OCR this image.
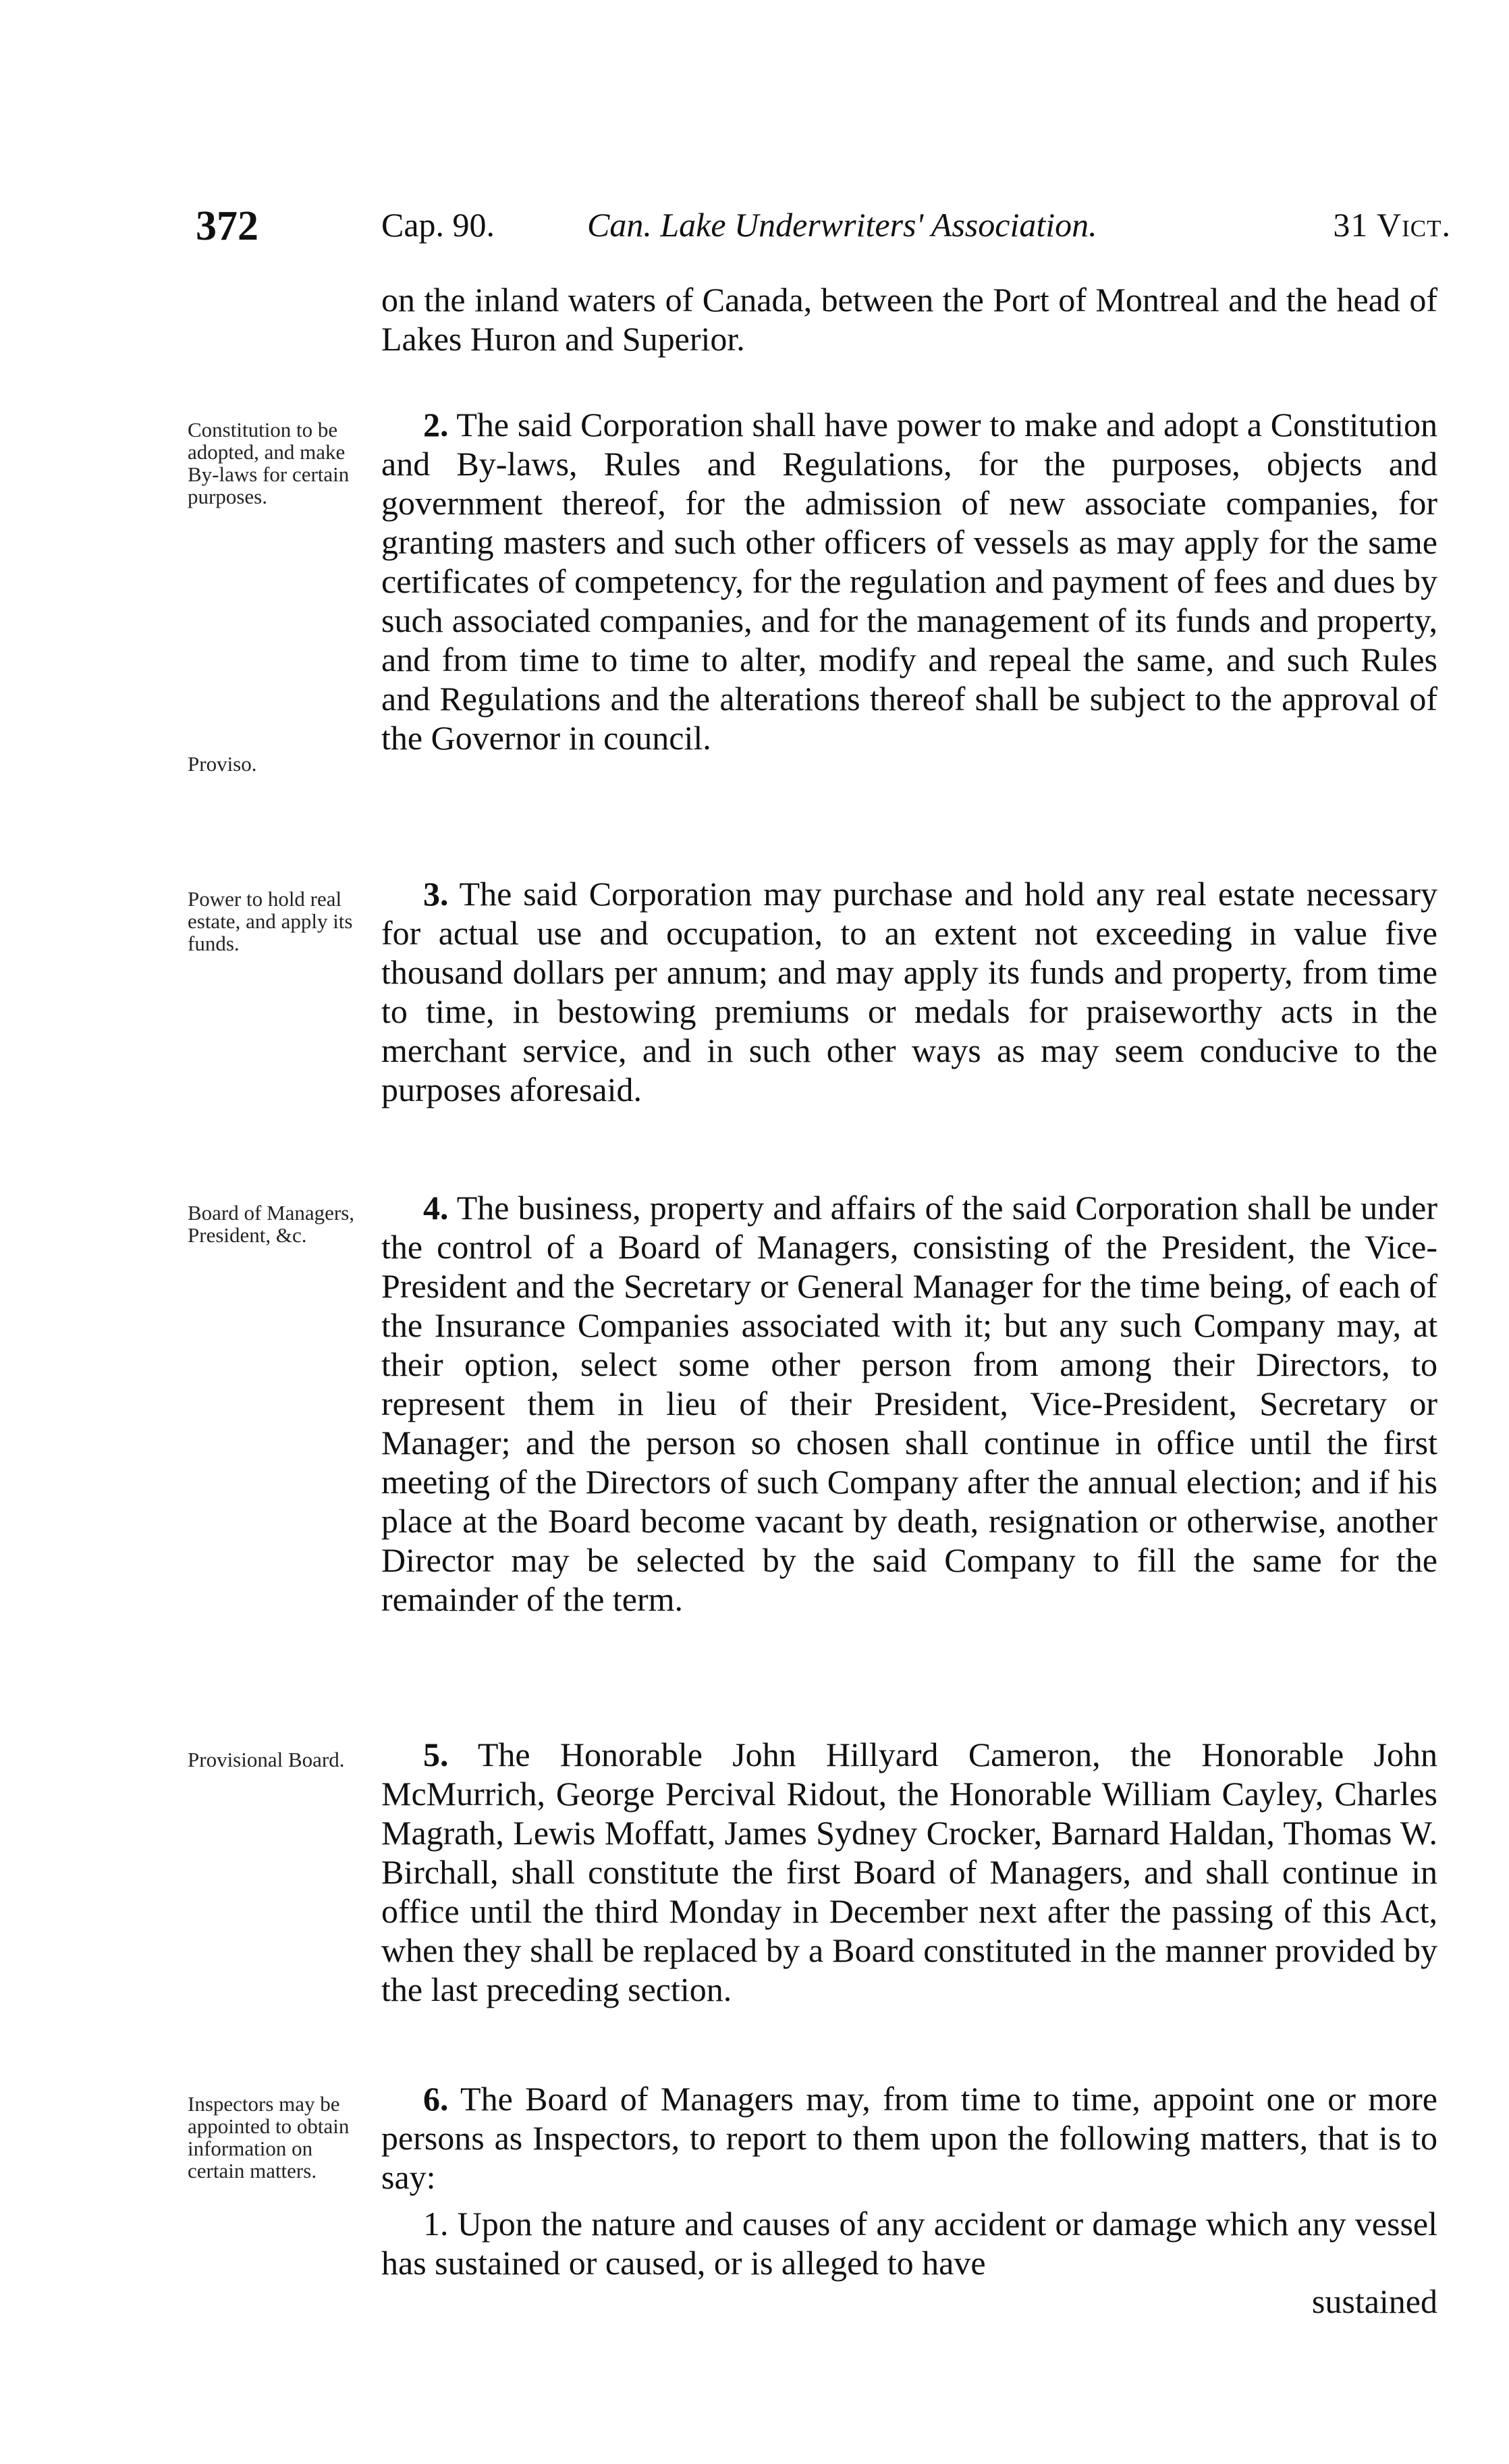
372	Cap. 90.	Can. Lake Underwriters' Association.	31 Vict.

on the inland waters of Canada, between the Port of Montreal and the head of Lakes Huron and Superior.

Constitution to be adopted, and make By-laws for certain purposes.

2. The said Corporation shall have power to make and adopt a Constitution and By-laws, Rules and Regulations, for the purposes, objects and government thereof, for the admission of new associate companies, for granting masters and such other officers of vessels as may apply for the same certificates of competency, for the regulation and payment of fees and dues by such associated companies, and for the management of its funds and property, and from time to time to alter, modify and repeal the same, and such Rules and Regulations and the alterations thereof shall be subject to the approval of the Governor in council.

Proviso.
Power to hold real estate, and apply its funds.

3. The said Corporation may purchase and hold any real estate necessary for actual use and occupation, to an extent not exceeding in value five thousand dollars per annum; and may apply its funds and property, from time to time, in bestowing premiums or medals for praiseworthy acts in the merchant service, and in such other ways as may seem conducive to the purposes aforesaid.

Board of Managers, President, &c.

4. The business, property and affairs of the said Corporation shall be under the control of a Board of Managers, consisting of the President, the Vice-President and the Secretary or General Manager for the time being, of each of the Insurance Companies associated with it; but any such Company may, at their option, select some other person from among their Directors, to represent them in lieu of their President, Vice-President, Secretary or Manager; and the person so chosen shall continue in office until the first meeting of the Directors of such Company after the annual election; and if his place at the Board become vacant by death, resignation or otherwise, another Director may be selected by the said Company to fill the same for the remainder of the term.

Provisional Board.	5. The Honorable John Hillyard Cameron, the Honorable John McMurrich, George Percival Ridout, the Honorable William Cayley, Charles Magrath, Lewis Moffatt, James Sydney Crocker, Barnard Haldan, Thomas W. Birchall, shall constitute the first Board of Managers, and shall continue in office until the third Monday in December next after the passing of this Act, when they shall be replaced by a Board constituted in the manner provided by the last preceding section.

Inspectors may be appointed to obtain information on certain matters.

6. The Board of Managers may, from time to time, appoint one or more persons as Inspectors, to report to them upon the following matters, that is to say:

1. Upon the nature and causes of any accident or damage which any vessel has sustained or caused, or is alleged to have

sustained
